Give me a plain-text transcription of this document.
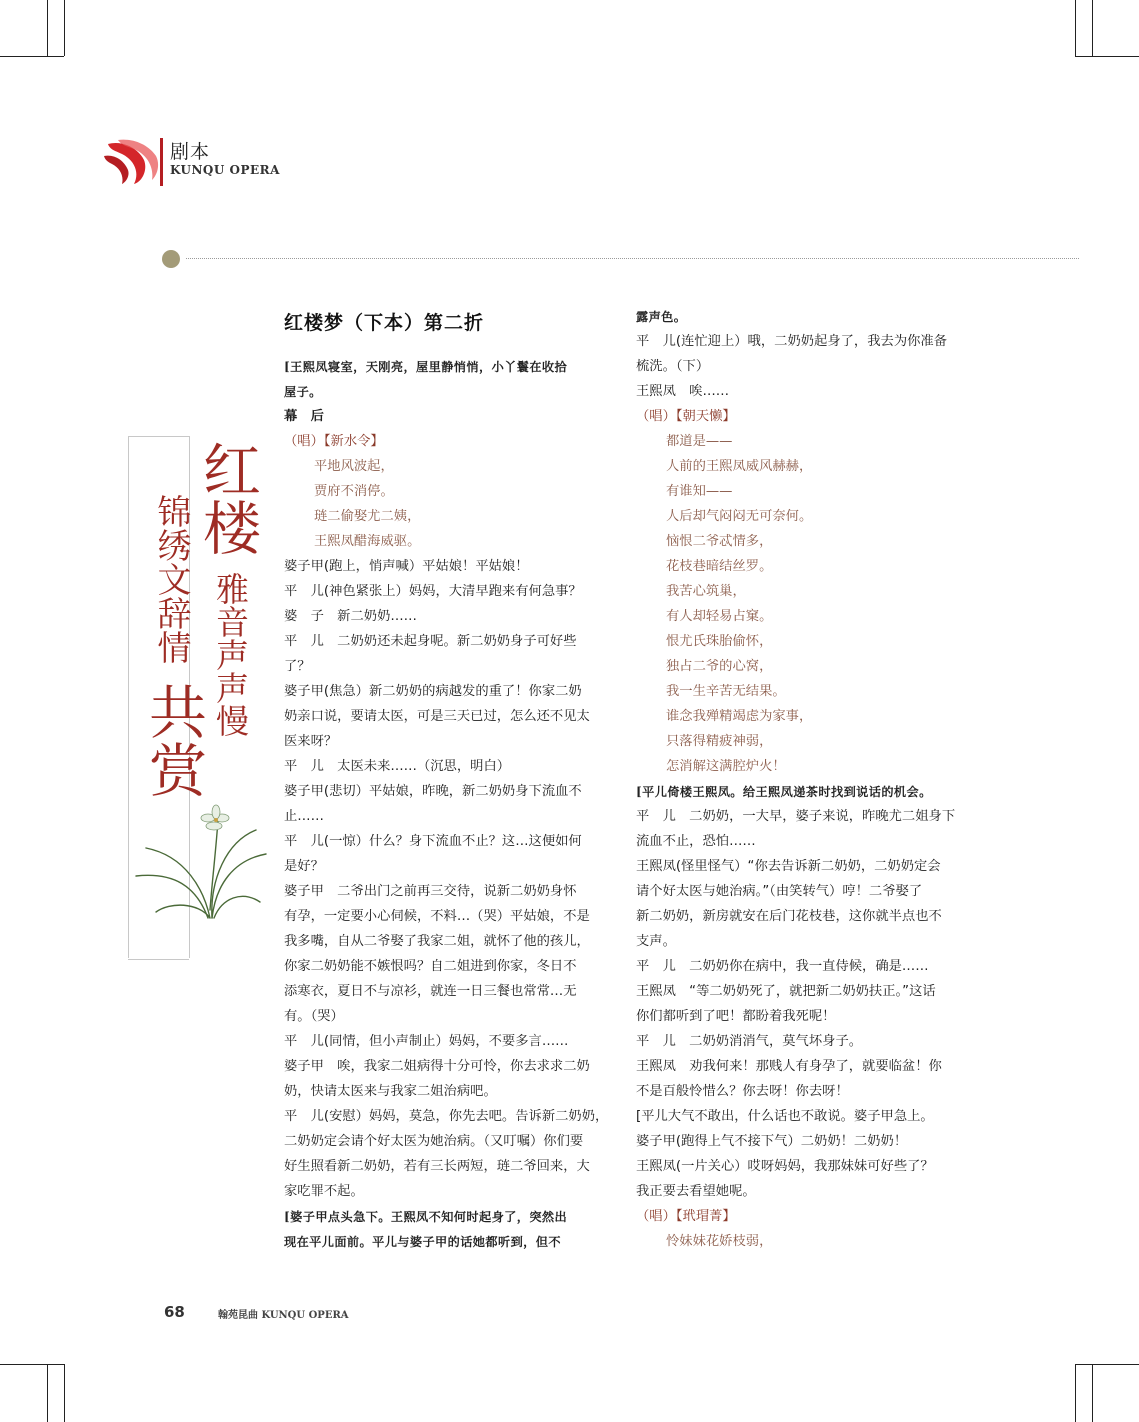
剧本
KUNQU OPERA
红楼
雅音声声慢
锦绣文辞情
共赏
红楼梦（下本）第二折
[王熙凤寝室，天刚亮，屋里静悄悄，小丫鬟在收拾
屋子。
幕　后
（唱）【新水令】
平地风波起，
贾府不消停。
琏二偷娶尤二姨，
王熙凤醋海威驱。
婆子甲(跑上，悄声喊）平姑娘！平姑娘！
平　儿(神色紧张上）妈妈，大清早跑来有何急事？
婆　子　新二奶奶……
平　儿　二奶奶还未起身呢。新二奶奶身子可好些
了？
婆子甲(焦急）新二奶奶的病越发的重了！你家二奶
奶亲口说，要请太医，可是三天已过，怎么还不见太
医来呀？
平　儿　太医未来……（沉思，明白）
婆子甲(悲切）平姑娘，昨晚，新二奶奶身下流血不
止……
平　儿(一惊）什么？身下流血不止？这…这便如何
是好？
婆子甲　二爷出门之前再三交待，说新二奶奶身怀
有孕，一定要小心伺候，不料…（哭）平姑娘，不是
我多嘴，自从二爷娶了我家二姐，就怀了他的孩儿，
你家二奶奶能不嫉恨吗？自二姐进到你家，冬日不
添寒衣，夏日不与凉衫，就连一日三餐也常常…无
有。（哭）
平　儿(同情，但小声制止）妈妈，不要多言……
婆子甲　唉，我家二姐病得十分可怜，你去求求二奶
奶，快请太医来与我家二姐治病吧。
平　儿(安慰）妈妈，莫急，你先去吧。告诉新二奶奶，
二奶奶定会请个好太医为她治病。（又叮嘱）你们要
好生照看新二奶奶，若有三长两短，琏二爷回来，大
家吃罪不起。
[婆子甲点头急下。王熙凤不知何时起身了，突然出
现在平儿面前。平儿与婆子甲的话她都听到，但不
露声色。
平　儿(连忙迎上）哦，二奶奶起身了，我去为你准备
梳洗。（下）
王熙凤　唉……
（唱）【朝天懒】
都道是——
人前的王熙凤威风赫赫，
有谁知——
人后却气闷闷无可奈何。
恼恨二爷忒情多，
花枝巷暗结丝罗。
我苦心筑巢，
有人却轻易占窠。
恨尤氏珠胎偷怀，
独占二爷的心窝，
我一生辛苦无结果。
谁念我殚精竭虑为家事，
只落得精疲神弱，
怎消解这满腔炉火！
[平儿倚楼王熙凤。给王熙凤递茶时找到说话的机会。
平　儿　二奶奶，一大早，婆子来说，昨晚尤二姐身下
流血不止，恐怕……
王熙凤(怪里怪气）“你去告诉新二奶奶，二奶奶定会
请个好太医与她治病。”（由笑转气）哼！二爷娶了
新二奶奶，新房就安在后门花枝巷，这你就半点也不
支声。
平　儿　二奶奶你在病中，我一直侍候，确是……
王熙凤　“等二奶奶死了，就把新二奶奶扶正。”这话
你们都听到了吧！都盼着我死呢！
平　儿　二奶奶消消气，莫气坏身子。
王熙凤　劝我何来！那贱人有身孕了，就要临盆！你
不是百般怜惜么？你去呀！你去呀！
[平儿大气不敢出，什么话也不敢说。婆子甲急上。
婆子甲(跑得上气不接下气）二奶奶！二奶奶！
王熙凤(一片关心）哎呀妈妈，我那妹妹可好些了？
我正要去看望她呢。
（唱）【玳瑁菁】
怜妹妹花娇枝弱，
68	翰苑昆曲 KUNQU OPERA
